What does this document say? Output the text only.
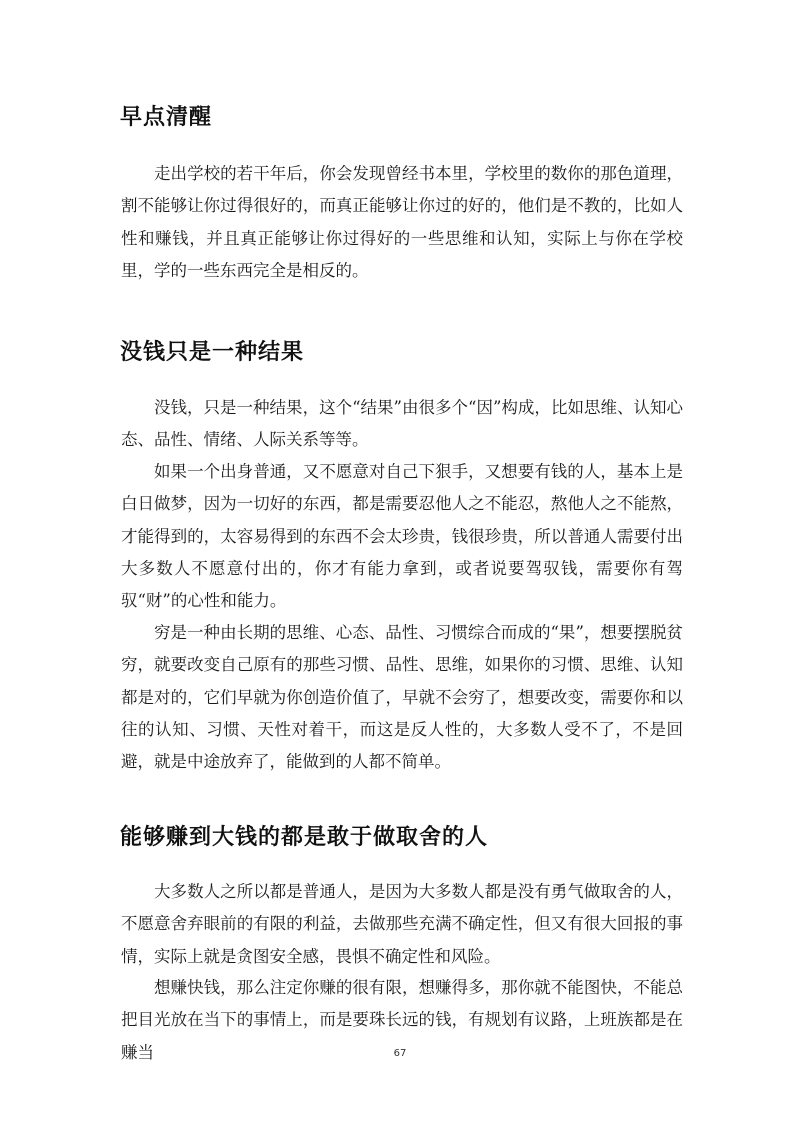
早点清醒

走出学校的若干年后，你会发现曾经书本里，学校里的数你的那色道理，割不能够让你过得很好的，而真正能够让你过的好的，他们是不教的，比如人性和赚钱，并且真正能够让你过得好的一些思维和认知，实际上与你在学校里，学的一些东西完全是相反的。

没钱只是一种结果

没钱，只是一种结果，这个“结果”由很多个“因”构成，比如思维、认知心态、品性、情绪、人际关系等等。

如果一个出身普通，又不愿意对自己下狠手，又想要有钱的人，基本上是白日做梦，因为一切好的东西，都是需要忍他人之不能忍，熬他人之不能熬，才能得到的，太容易得到的东西不会太珍贵，钱很珍贵，所以普通人需要付出大多数人不愿意付出的，你才有能力拿到，或者说要驾驭钱，需要你有驾驭“财”的心性和能力。

穷是一种由长期的思维、心态、品性、习惯综合而成的“果”，想要摆脱贫穷，就要改变自己原有的那些习惯、品性、思维，如果你的习惯、思维、认知都是对的，它们早就为你创造价值了，早就不会穷了，想要改变，需要你和以往的认知、习惯、天性对着干，而这是反人性的，大多数人受不了，不是回避，就是中途放弃了，能做到的人都不简单。

能够赚到大钱的都是敢于做取舍的人

大多数人之所以都是普通人，是因为大多数人都是没有勇气做取舍的人，不愿意舍弃眼前的有限的利益，去做那些充满不确定性，但又有很大回报的事情，实际上就是贪图安全感，畏惧不确定性和风险。

想赚快钱，那么注定你赚的很有限，想赚得多，那你就不能图快，不能总把目光放在当下的事情上，而是要珠长远的钱，有规划有议路，上班族都是在赚当	67
